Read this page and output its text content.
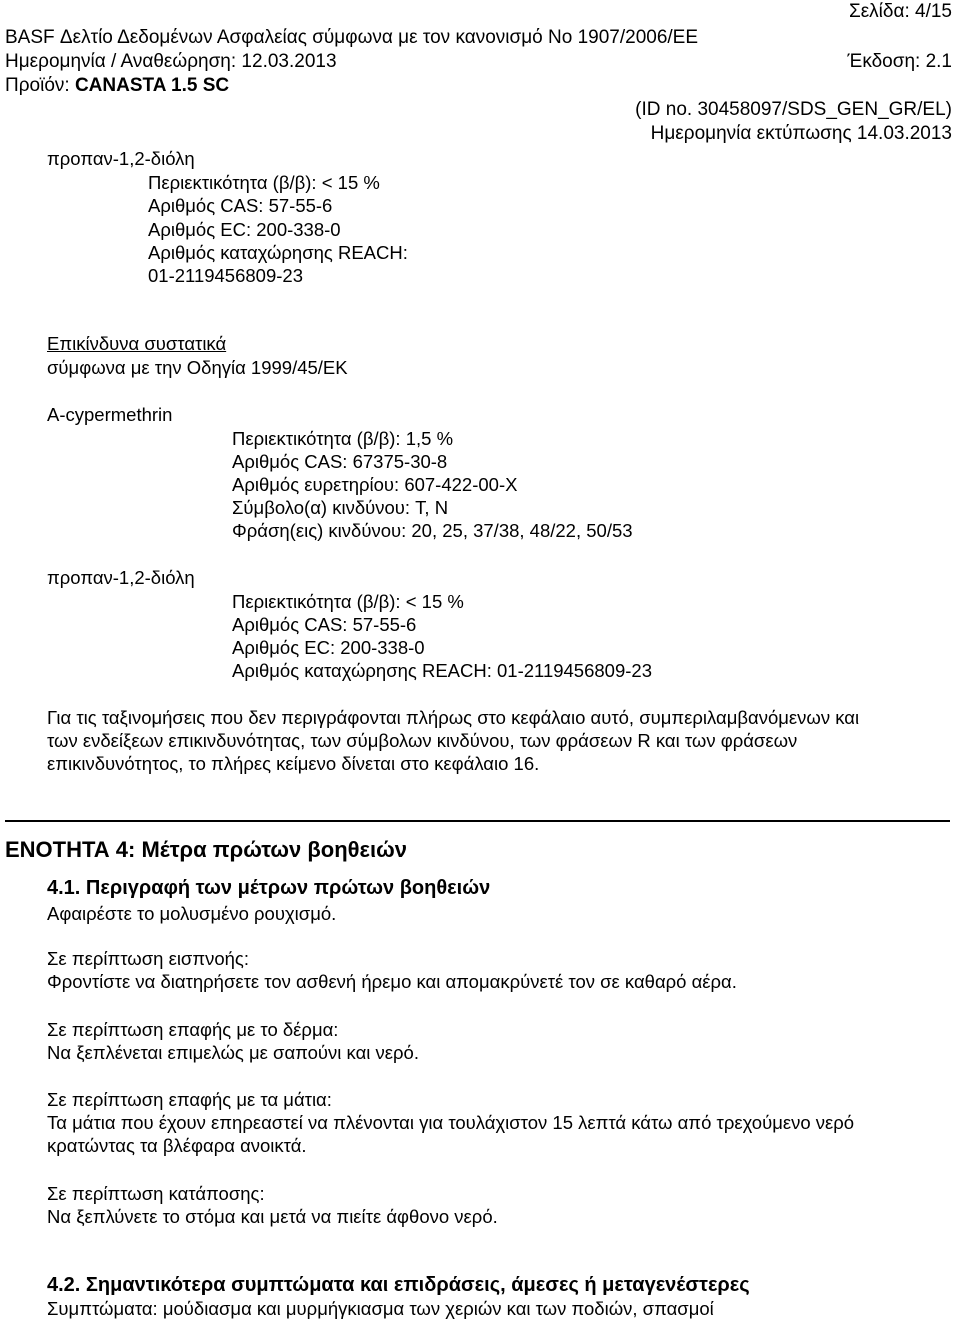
Σελίδα: 4/15
BASF Δελτίο Δεδομένων Ασφαλείας σύμφωνα με τον κανονισμό Νο 1907/2006/ΕΕ
Ημερομηνία / Αναθεώρηση: 12.03.2013	Έκδοση: 2.1
Προϊόν: CANASTA 1.5 SC
(ID no. 30458097/SDS_GEN_GR/EL)
Ημερομηνία εκτύπωσης 14.03.2013
προπαν-1,2-διόλη
Περιεκτικότητα (β/β): < 15 %
Αριθμός CAS: 57-55-6
Αριθμός EC: 200-338-0
Αριθμός καταχώρησης REACH:
01-2119456809-23
Επικίνδυνα συστατικά
σύμφωνα με την Οδηγία 1999/45/ΕΚ
A-cypermethrin
Περιεκτικότητα (β/β): 1,5 %
Αριθμός CAS: 67375-30-8
Αριθμός ευρετηρίου: 607-422-00-X
Σύμβολο(α) κινδύνου: T, N
Φράση(εις) κινδύνου: 20, 25, 37/38, 48/22, 50/53
προπαν-1,2-διόλη
Περιεκτικότητα (β/β): < 15 %
Αριθμός CAS: 57-55-6
Αριθμός EC: 200-338-0
Αριθμός καταχώρησης REACH: 01-2119456809-23
Για τις ταξινομήσεις που δεν περιγράφονται πλήρως στο κεφάλαιο αυτό, συμπεριλαμβανόμενων και
των ενδείξεων επικινδυνότητας, των σύμβολων κινδύνου, των φράσεων R και των φράσεων
επικινδυνότητος, το πλήρες κείμενο δίνεται στο κεφάλαιο 16.
ΕΝΟΤΗΤΑ 4: Μέτρα πρώτων βοηθειών
4.1. Περιγραφή των μέτρων πρώτων βοηθειών
Αφαιρέστε το μολυσμένο ρουχισμό.
Σε περίπτωση εισπνοής:
Φροντίστε να διατηρήσετε τον ασθενή ήρεμο και απομακρύνετέ τον σε καθαρό αέρα.
Σε περίπτωση επαφής με το δέρμα:
Να ξεπλένεται επιμελώς με σαπούνι και νερό.
Σε περίπτωση επαφής με τα μάτια:
Τα μάτια που έχουν επηρεαστεί να πλένονται για τουλάχιστον 15 λεπτά κάτω από τρεχούμενο νερό
κρατώντας τα βλέφαρα ανοικτά.
Σε περίπτωση κατάποσης:
Να ξεπλύνετε το στόμα και μετά να πιείτε άφθονο νερό.
4.2. Σημαντικότερα συμπτώματα και επιδράσεις, άμεσες ή μεταγενέστερες
Συμπτώματα: μούδιασμα και μυρμήγκιασμα των χεριών και των ποδιών, σπασμοί
